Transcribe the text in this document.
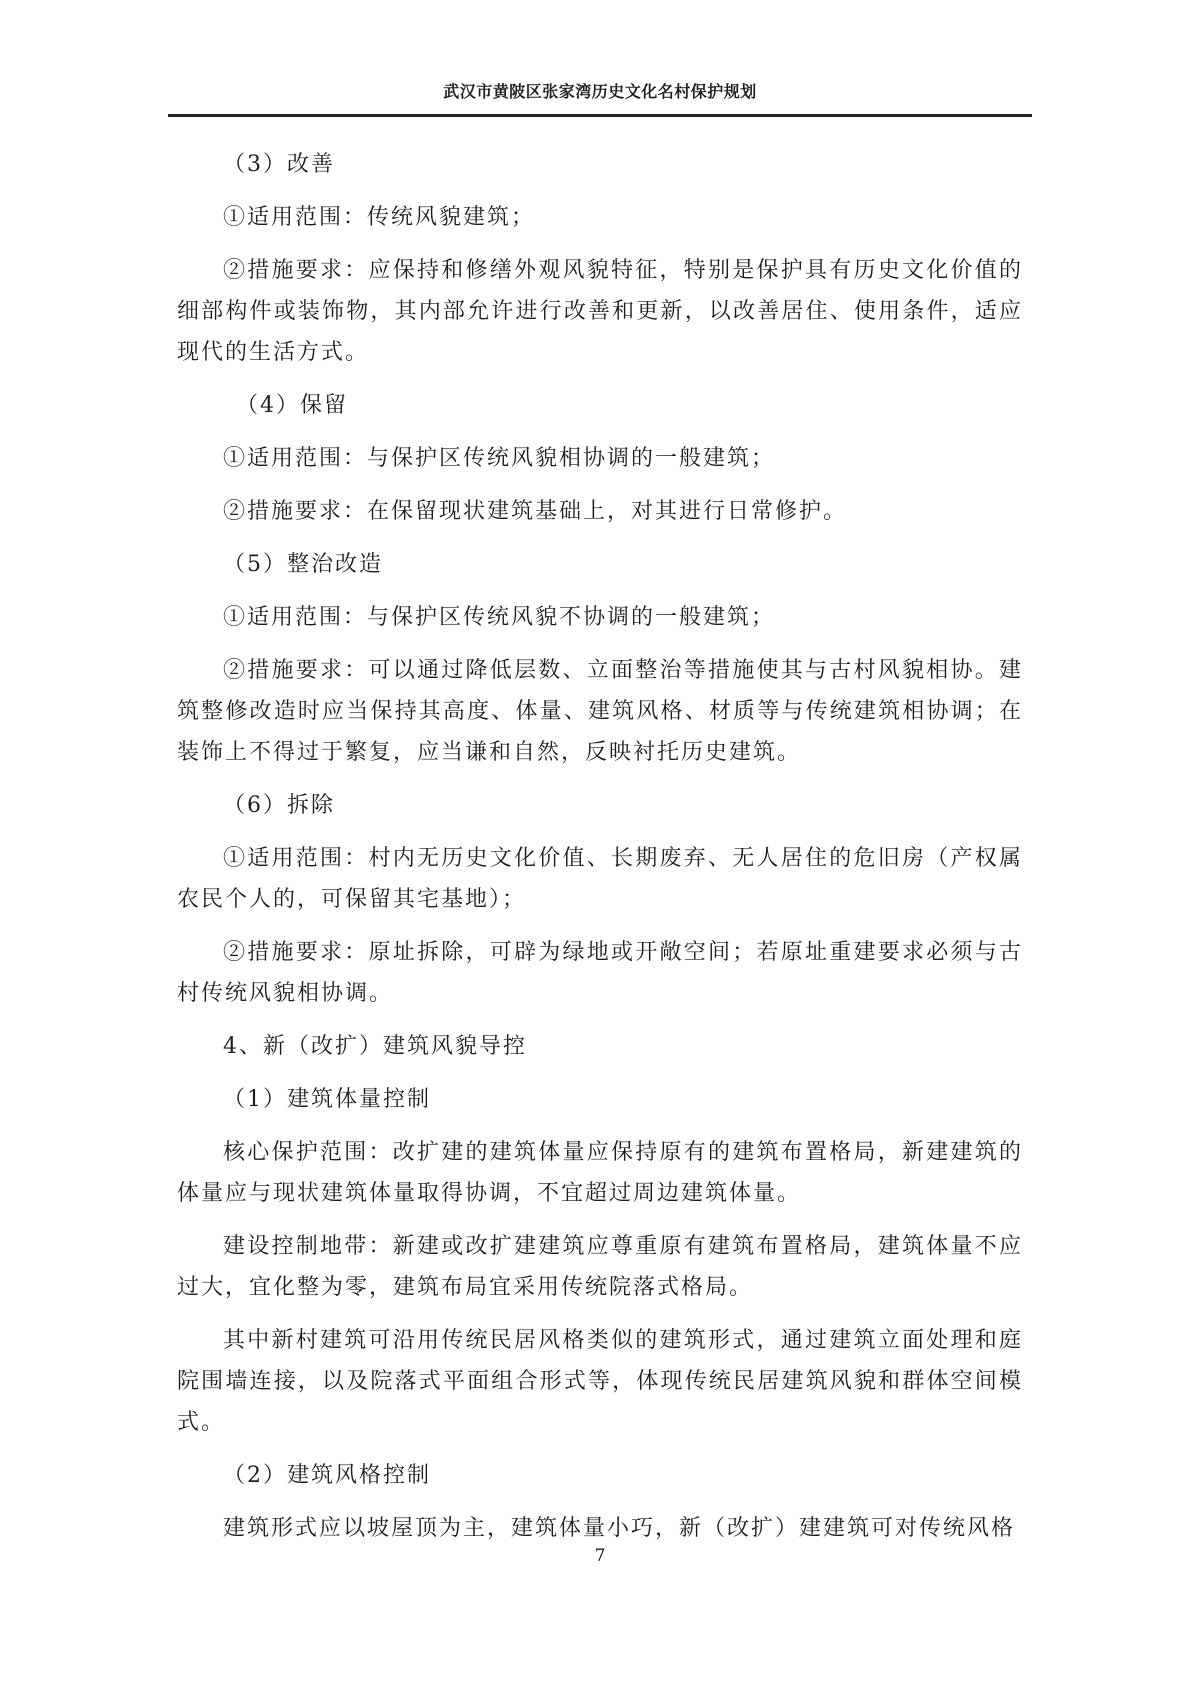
武汉市黄陂区张家湾历史文化名村保护规划

（3）改善

①适用范围：传统风貌建筑；

②措施要求：应保持和修缮外观风貌特征，特别是保护具有历史文化价值的细部构件或装饰物，其内部允许进行改善和更新，以改善居住、使用条件，适应现代的生活方式。

（4）保留

①适用范围：与保护区传统风貌相协调的一般建筑；

②措施要求：在保留现状建筑基础上，对其进行日常修护。

（5）整治改造

①适用范围：与保护区传统风貌不协调的一般建筑；

②措施要求：可以通过降低层数、立面整治等措施使其与古村风貌相协。建筑整修改造时应当保持其高度、体量、建筑风格、材质等与传统建筑相协调；在装饰上不得过于繁复，应当谦和自然，反映衬托历史建筑。

（6）拆除

①适用范围：村内无历史文化价值、长期废弃、无人居住的危旧房（产权属农民个人的，可保留其宅基地）；

②措施要求：原址拆除，可辟为绿地或开敞空间；若原址重建要求必须与古村传统风貌相协调。

4、新（改扩）建筑风貌导控

（1）建筑体量控制

核心保护范围：改扩建的建筑体量应保持原有的建筑布置格局，新建建筑的体量应与现状建筑体量取得协调，不宜超过周边建筑体量。

建设控制地带：新建或改扩建建筑应尊重原有建筑布置格局，建筑体量不应过大，宜化整为零，建筑布局宜采用传统院落式格局。

其中新村建筑可沿用传统民居风格类似的建筑形式，通过建筑立面处理和庭院围墙连接，以及院落式平面组合形式等，体现传统民居建筑风貌和群体空间模式。

（2）建筑风格控制

建筑形式应以坡屋顶为主，建筑体量小巧，新（改扩）建建筑可对传统风格

7
